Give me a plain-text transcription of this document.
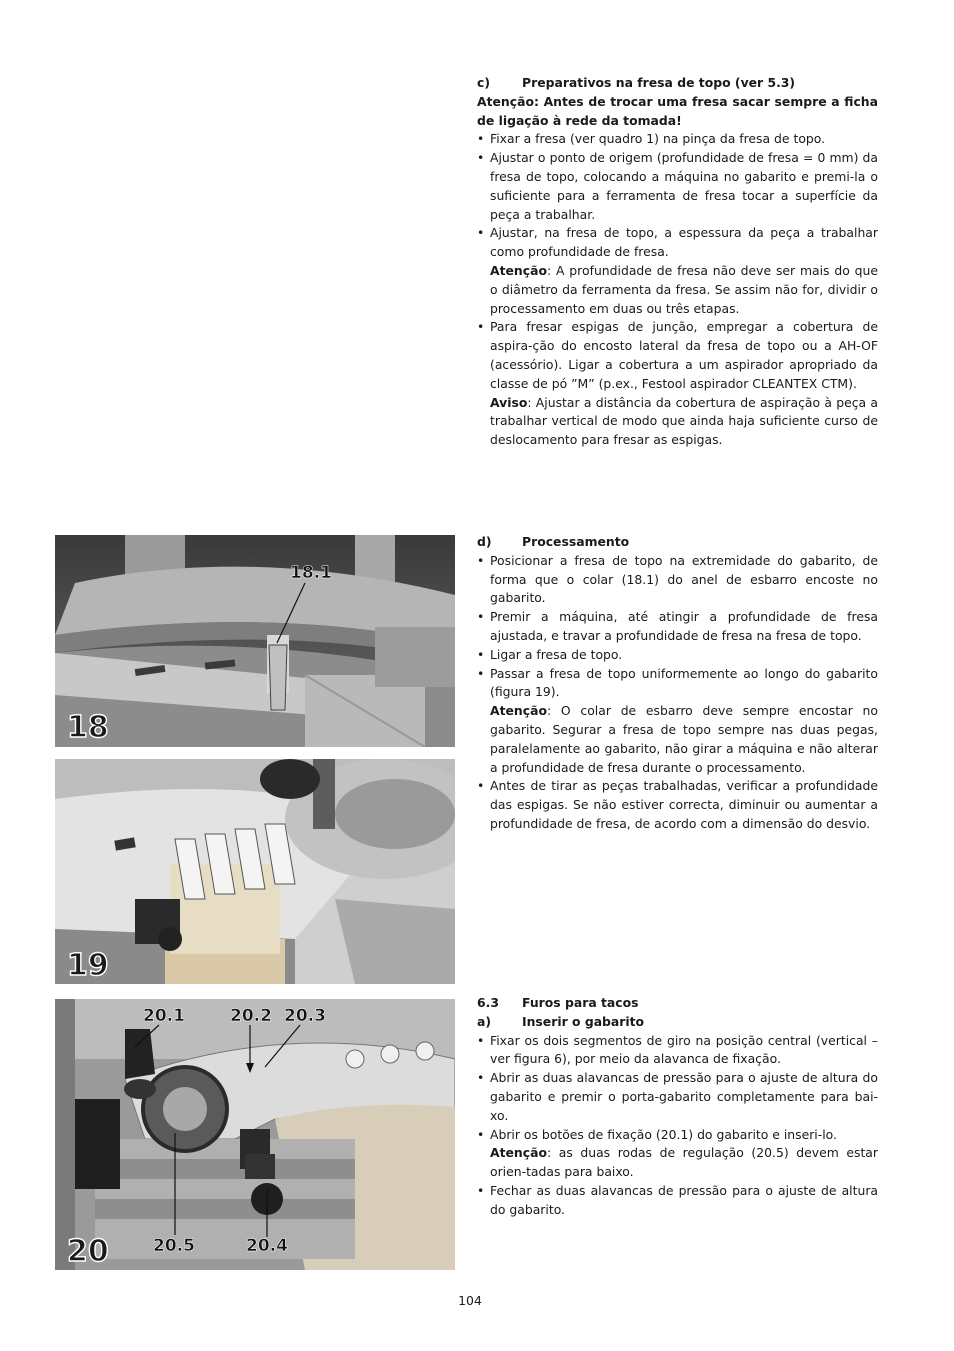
c)	Preparativos na fresa de topo (ver 5.3)
Atenção: Antes de trocar uma fresa sacar sempre a ficha de ligação à rede da tomada!
• Fixar a fresa (ver quadro 1) na pinça da fresa de topo.
• Ajustar o ponto de origem (profundidade de fresa = 0 mm) da fresa de topo, colocando a máquina no gabarito e premi-la o suficiente para a ferramenta de fresa tocar a superfície da peça a trabalhar.
• Ajustar, na fresa de topo, a espessura da peça a trabalhar como profundidade de fresa.
Atenção: A profundidade de fresa não deve ser mais do que o diâmetro da ferramenta da fresa. Se assim não for, dividir o processamento em duas ou três etapas.
• Para fresar espigas de junção, empregar a cobertura de aspira-ção do encosto lateral da fresa de topo ou a AH-OF (acessório). Ligar a cobertura a um aspirador apropriado da classe de pó ”M” (p.ex., Festool aspirador CLEANTEX CTM).
Aviso: Ajustar a distância da cobertura de aspiração à peça a trabalhar vertical de modo que ainda haja suficiente curso de deslocamento para fresar as espigas.
d)	Processamento
• Posicionar a fresa de topo na extremidade do gabarito, de forma que o colar (18.1) do anel de esbarro encoste no gabarito.
• Premir a máquina, até atingir a profundidade de fresa ajustada, e travar a profundidade de fresa na fresa de topo.
• Ligar a fresa de topo.
• Passar a fresa de topo uniformemente ao longo do gabarito (figura 19).
Atenção: O colar de esbarro deve sempre encostar no gabarito. Segurar a fresa de topo sempre nas duas pegas, paralelamente ao gabarito, não girar a máquina e não alterar a profundidade de fresa durante o processamento.
• Antes de tirar as peças trabalhadas, verificar a profundidade das espigas. Se não estiver correcta, diminuir ou aumentar a profundidade de fresa, de acordo com a dimensão do desvio.
6.3	Furos para tacos
a)	Inserir o gabarito
• Fixar os dois segmentos de giro na posição central (vertical – ver figura 6), por meio da alavanca de fixação.
• Abrir as duas alavancas de pressão para o ajuste de altura do gabarito e premir o porta-gabarito completamente para bai-xo.
• Abrir os botões de fixação (20.1) do gabarito e inseri-lo.
Atenção: as duas rodas de regulação (20.5) devem estar orien-tadas para baixo.
• Fechar as duas alavancas de pressão para o ajuste de altura do gabarito.
18.1
18
19
20.1	20.2 20.3
20.4
20.5
20
104
